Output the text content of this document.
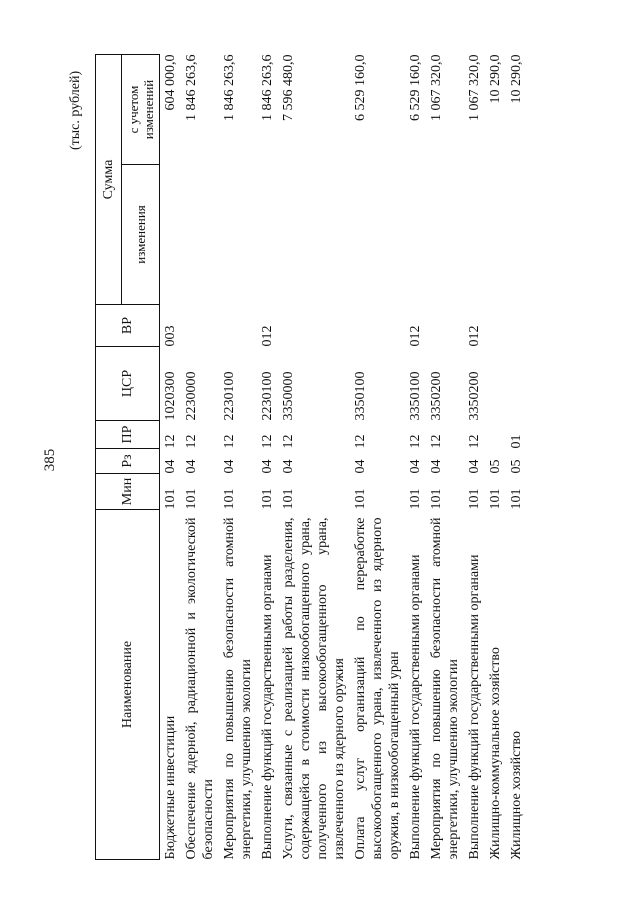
385
(тыс. рублей)
Наименование	Мин	Рз	ПР	ЦСР	ВР	Сумма	
						изменения	с учетом изменений
Бюджетные инвестиции	101	04	12	1020300	003		604 000,0
Обеспечение ядерной, радиационной и экологической безопасности	101	04	12	2230000			1 846 263,6
Мероприятия по повышению безопасности атомной энергетики, улучшению экологии	101	04	12	2230100			1 846 263,6
Выполнение функций государственными органами	101	04	12	2230100	012		1 846 263,6
Услуги, связанные с реализацией работы разделения, содержащейся в стоимости низкообогащенного урана, полученного из высокообогащенного урана, извлеченного из ядерного оружия	101	04	12	3350000			7 596 480,0
Оплата услуг организаций по переработке высокообогащенного урана, извлеченного из ядерного оружия, в низкообогащенный уран	101	04	12	3350100			6 529 160,0
Выполнение функций государственными органами	101	04	12	3350100	012		6 529 160,0
Мероприятия по повышению безопасности атомной энергетики, улучшению экологии	101	04	12	3350200			1 067 320,0
Выполнение функций государственными органами	101	04	12	3350200	012		1 067 320,0
Жилищно-коммунальное хозяйство	101	05					10 290,0
Жилищное хозяйство	101	05	01				10 290,0
